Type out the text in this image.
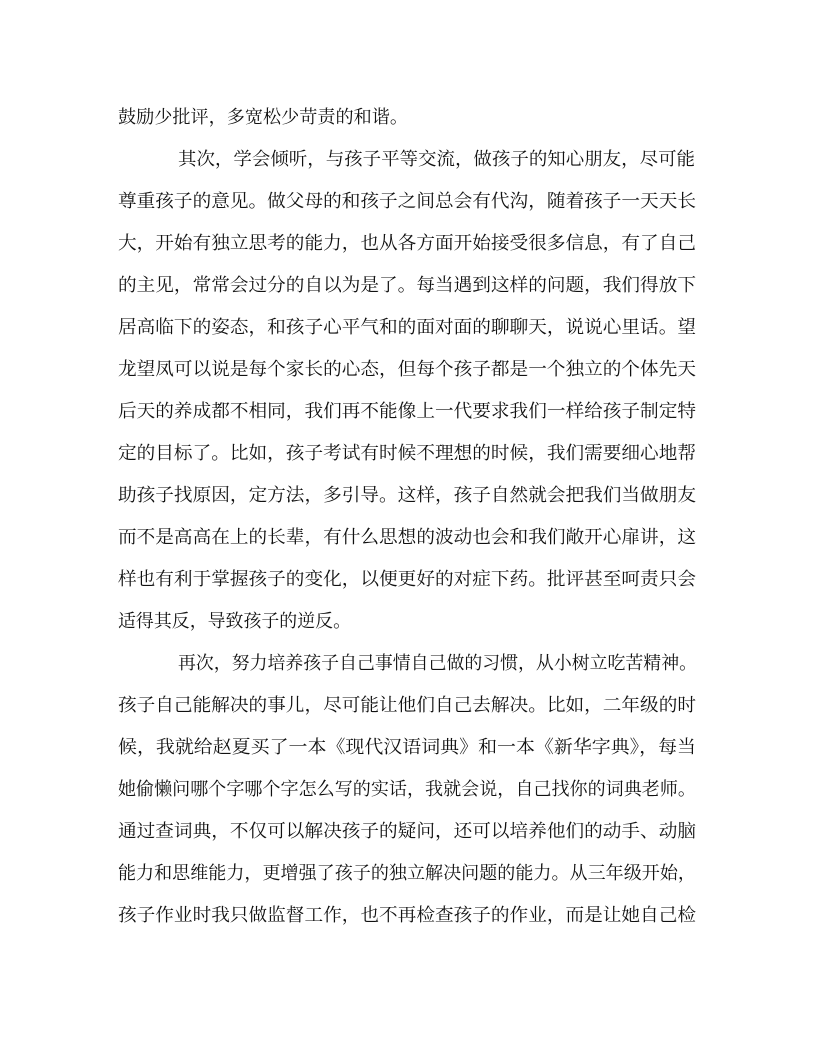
鼓励少批评，多宽松少苛责的和谐。
其次，学会倾听，与孩子平等交流，做孩子的知心朋友，尽可能
尊重孩子的意见。做父母的和孩子之间总会有代沟，随着孩子一天天长
大，开始有独立思考的能力，也从各方面开始接受很多信息，有了自己
的主见，常常会过分的自以为是了。每当遇到这样的问题，我们得放下
居高临下的姿态，和孩子心平气和的面对面的聊聊天，说说心里话。望
龙望凤可以说是每个家长的心态，但每个孩子都是一个独立的个体先天
后天的养成都不相同，我们再不能像上一代要求我们一样给孩子制定特
定的目标了。比如，孩子考试有时候不理想的时候，我们需要细心地帮
助孩子找原因，定方法，多引导。这样，孩子自然就会把我们当做朋友
而不是高高在上的长辈，有什么思想的波动也会和我们敞开心扉讲，这
样也有利于掌握孩子的变化，以便更好的对症下药。批评甚至呵责只会
适得其反，导致孩子的逆反。
再次，努力培养孩子自己事情自己做的习惯，从小树立吃苦精神。
孩子自己能解决的事儿，尽可能让他们自己去解决。比如，二年级的时
候，我就给赵夏买了一本《现代汉语词典》和一本《新华字典》，每当
她偷懒问哪个字哪个字怎么写的实话，我就会说，自己找你的词典老师。
通过查词典，不仅可以解决孩子的疑问，还可以培养他们的动手、动脑
能力和思维能力，更增强了孩子的独立解决问题的能力。从三年级开始，
孩子作业时我只做监督工作，也不再检查孩子的作业，而是让她自己检
